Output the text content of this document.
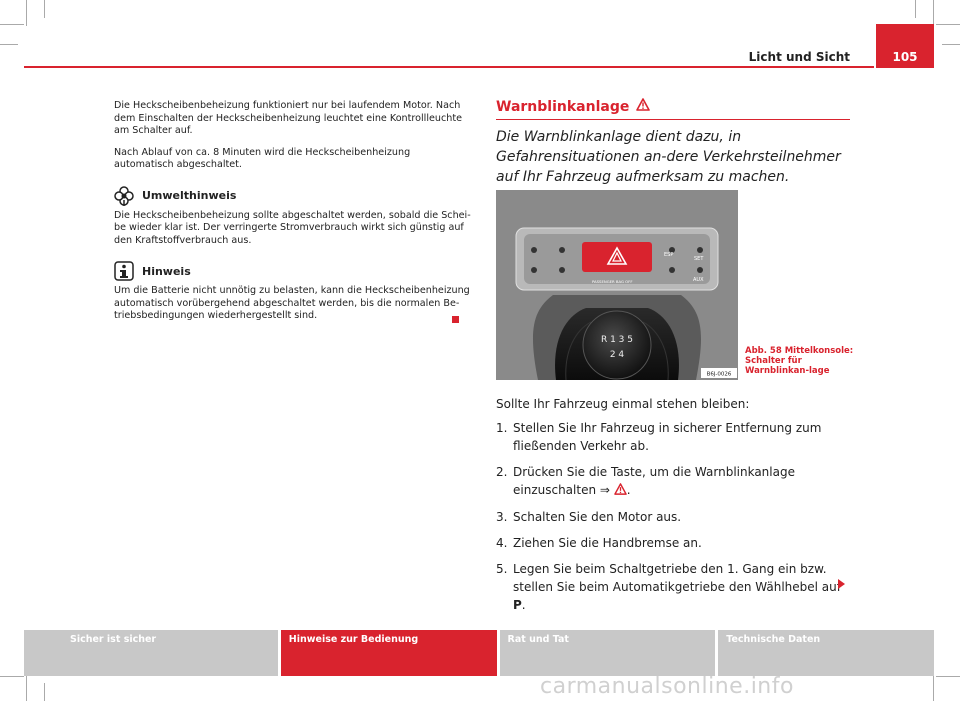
Licht und Sicht	105

Die Heckscheibenbeheizung funktioniert nur bei laufendem Motor. Nach dem Einschalten der Heckscheibenheizung leuchtet eine Kontrollleuchte am Schalter auf.

Nach Ablauf von ca. 8 Minuten wird die Heckscheibenheizung automatisch abgeschaltet.

Umwelthinweis

Die Heckscheibenbeheizung sollte abgeschaltet werden, sobald die Schei-be wieder klar ist. Der verringerte Stromverbrauch wirkt sich günstig auf den Kraftstoffverbrauch aus.

Hinweis

Um die Batterie nicht unnötig zu belasten, kann die Heckscheibenheizung automatisch vorübergehend abgeschaltet werden, bis die normalen Be-triebsbedingungen wiederhergestellt sind.

Warnblinkanlage

Die Warnblinkanlage dient dazu, in Gefahrensituationen an-dere Verkehrsteilnehmer auf Ihr Fahrzeug aufmerksam zu machen.

ESP
SET
AUX
PASSENGER BAG OFF
R 1 3 5
2 4
B6J-0026

Abb. 58 Mittelkonsole: Schalter für Warnblinkan-lage

Sollte Ihr Fahrzeug einmal stehen bleiben:

1. Stellen Sie Ihr Fahrzeug in sicherer Entfernung zum fließenden Verkehr ab.
2. Drücken Sie die Taste, um die Warnblinkanlage einzuschalten ⇒ .
3. Schalten Sie den Motor aus.
4. Ziehen Sie die Handbremse an.
5. Legen Sie beim Schaltgetriebe den 1. Gang ein bzw. stellen Sie beim Automatikgetriebe den Wählhebel auf P.
Sicher ist sicher	Hinweise zur Bedienung	Rat und Tat	Technische Daten
carmanualsonline.info
